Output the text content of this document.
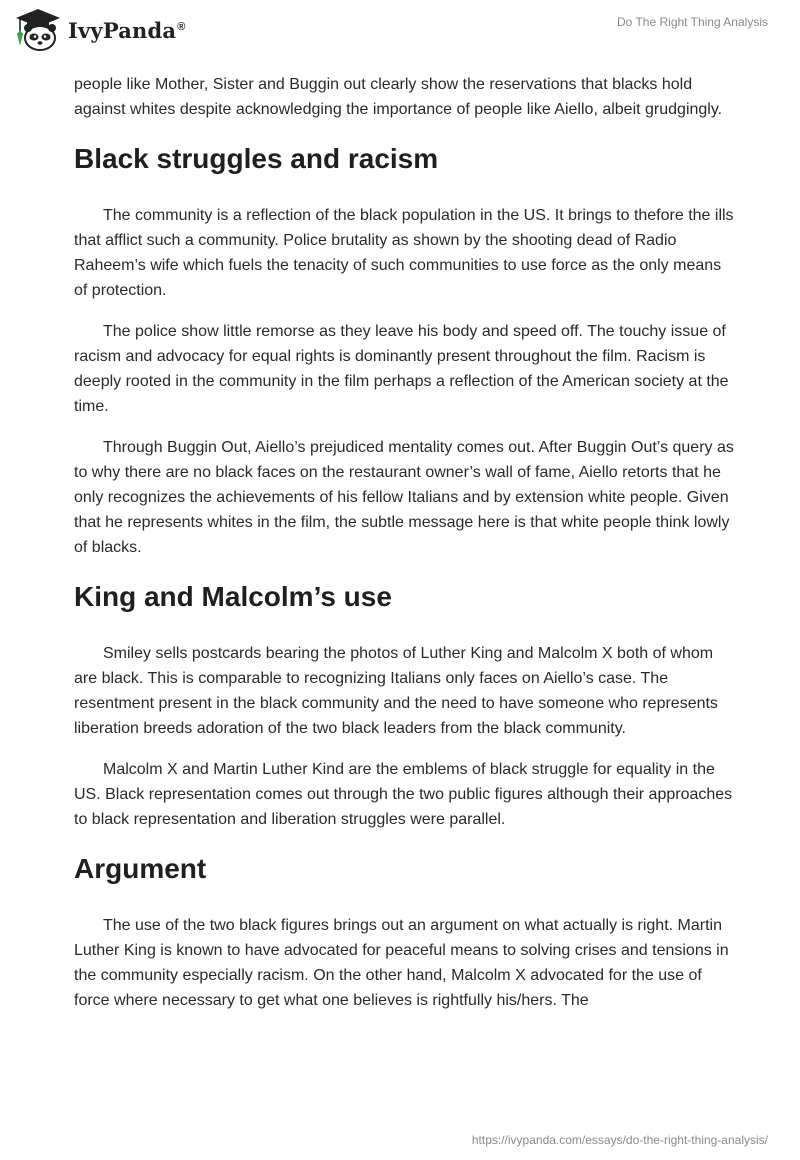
IvyPanda®	Do The Right Thing Analysis

people like Mother, Sister and Buggin out clearly show the reservations that blacks hold against whites despite acknowledging the importance of people like Aiello, albeit grudgingly.

Black struggles and racism

The community is a reflection of the black population in the US. It brings to thefore the ills that afflict such a community. Police brutality as shown by the shooting dead of Radio Raheem’s wife which fuels the tenacity of such communities to use force as the only means of protection.

The police show little remorse as they leave his body and speed off. The touchy issue of racism and advocacy for equal rights is dominantly present throughout the film. Racism is deeply rooted in the community in the film perhaps a reflection of the American society at the time.

Through Buggin Out, Aiello’s prejudiced mentality comes out. After Buggin Out’s query as to why there are no black faces on the restaurant owner’s wall of fame, Aiello retorts that he only recognizes the achievements of his fellow Italians and by extension white people. Given that he represents whites in the film, the subtle message here is that white people think lowly of blacks.

King and Malcolm’s use

Smiley sells postcards bearing the photos of Luther King and Malcolm X both of whom are black. This is comparable to recognizing Italians only faces on Aiello’s case. The resentment present in the black community and the need to have someone who represents liberation breeds adoration of the two black leaders from the black community.

Malcolm X and Martin Luther Kind are the emblems of black struggle for equality in the US. Black representation comes out through the two public figures although their approaches to black representation and liberation struggles were parallel.

Argument

The use of the two black figures brings out an argument on what actually is right. Martin Luther King is known to have advocated for peaceful means to solving crises and tensions in the community especially racism. On the other hand, Malcolm X advocated for the use of force where necessary to get what one believes is rightfully his/hers. The

https://ivypanda.com/essays/do-the-right-thing-analysis/
